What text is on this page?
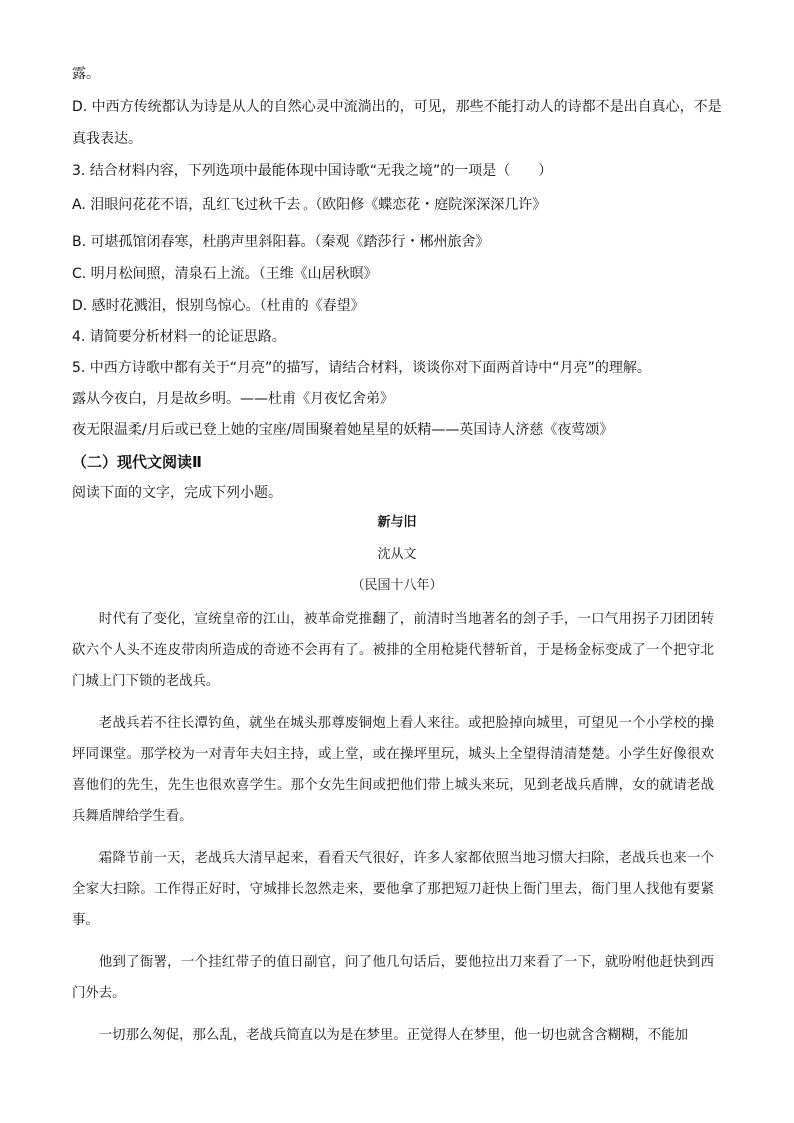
露。
D. 中西方传统都认为诗是从人的自然心灵中流淌出的，可见，那些不能打动人的诗都不是出自真心，不是
真我表达。
3. 结合材料内容，下列选项中最能体现中国诗歌“无我之境”的一项是（　　）
A. 泪眼问花花不语，乱红飞过秋千去 。（欧阳修《蝶恋花・庭院深深深几许》
B. 可堪孤馆闭春寒，杜鹃声里斜阳暮。（秦观《踏莎行・郴州旅舍》
C. 明月松间照，清泉石上流。（王维《山居秋暝》
D. 感时花溅泪，恨别鸟惊心。（杜甫的《春望》
4. 请简要分析材料一的论证思路。
5. 中西方诗歌中都有关于“月亮”的描写，请结合材料，谈谈你对下面两首诗中“月亮”的理解。
露从今夜白，月是故乡明。——杜甫《月夜忆舍弟》
夜无限温柔/月后或已登上她的宝座/周围聚着她星星的妖精——英国诗人济慈《夜莺颂》
（二）现代文阅读Ⅱ
阅读下面的文字，完成下列小题。
新与旧
沈从文
（民国十八年）

时代有了变化，宣统皇帝的江山，被革命党推翻了，前清时当地著名的刽子手，一口气用拐子刀团团转砍六个人头不连皮带肉所造成的奇迹不会再有了。被排的全用枪毙代替斩首，于是杨金标变成了一个把守北门城上门下锁的老战兵。

老战兵若不往长潭钓鱼，就坐在城头那尊废铜炮上看人来往。或把脸掉向城里，可望见一个小学校的操坪同课堂。那学校为一对青年夫妇主持，或上堂，或在操坪里玩，城头上全望得清清楚楚。小学生好像很欢喜他们的先生，先生也很欢喜学生。那个女先生间或把他们带上城头来玩，见到老战兵盾牌，女的就请老战兵舞盾牌给学生看。

霜降节前一天，老战兵大清早起来，看看天气很好，许多人家都依照当地习惯大扫除，老战兵也来一个全家大扫除。工作得正好时，守城排长忽然走来，要他拿了那把短刀赶快上衙门里去，衙门里人找他有要紧事。

他到了衙署，一个挂红带子的值日副官，问了他几句话后，要他拉出刀来看了一下，就吩咐他赶快到西门外去。

一切那么匆促，那么乱，老战兵简直以为是在梦里。正觉得人在梦里，他一切也就含含糊糊，不能加
